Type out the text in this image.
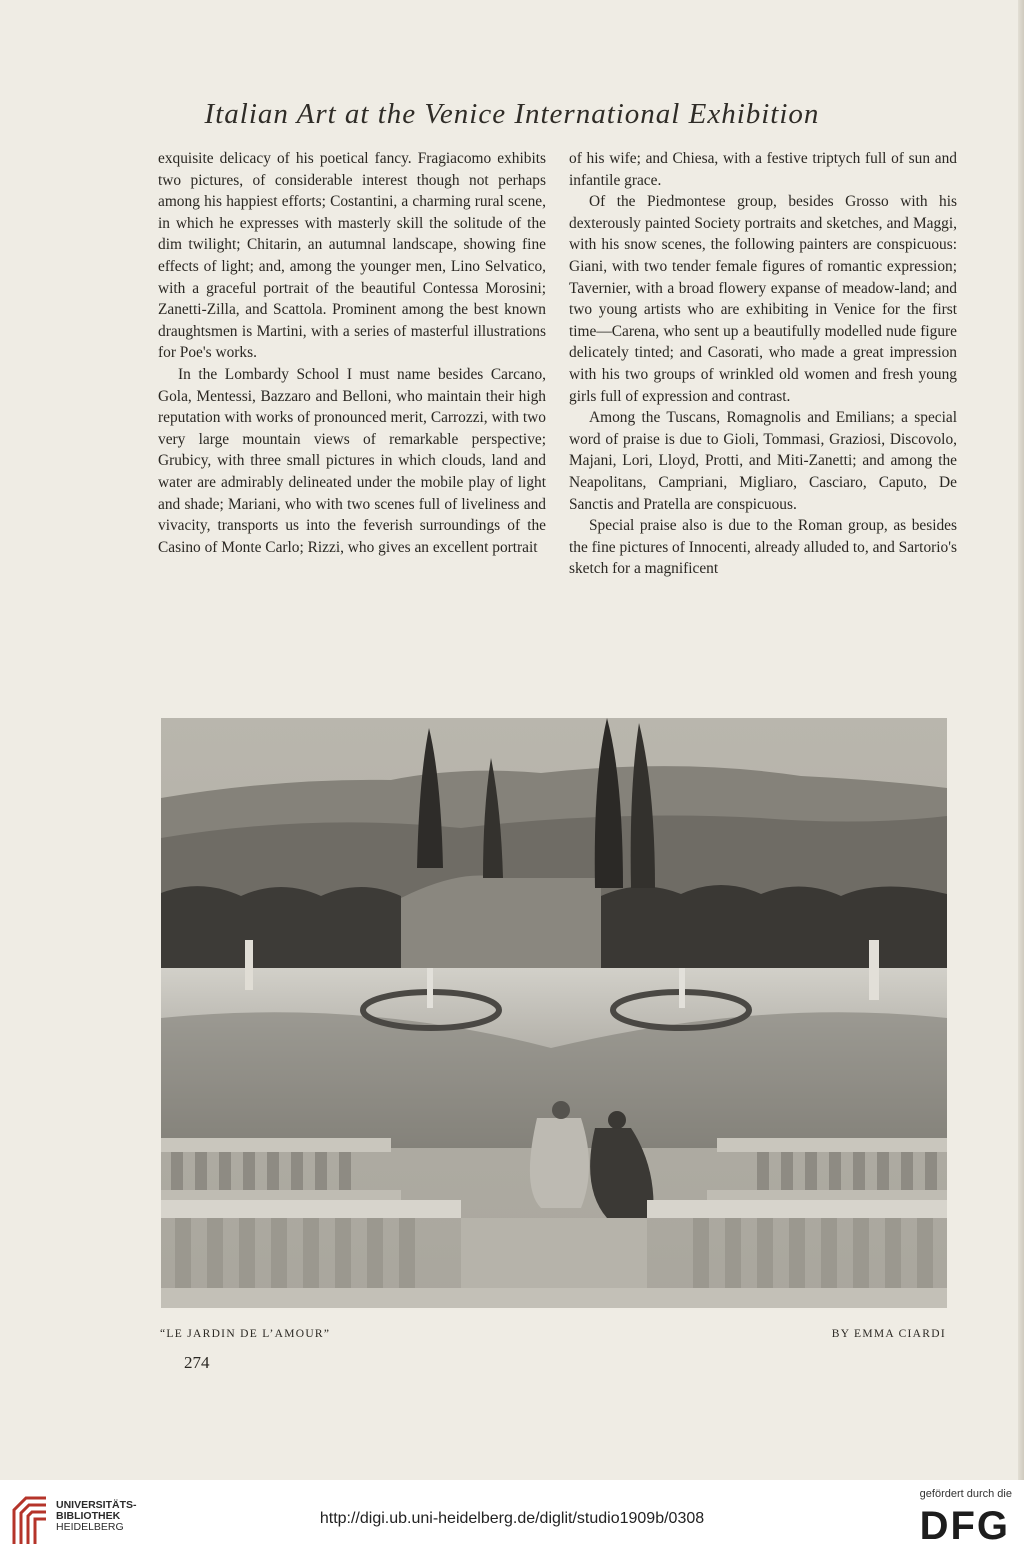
Italian Art at the Venice International Exhibition

exquisite delicacy of his poetical fancy. Fragiacomo exhibits two pictures, of considerable interest though not perhaps among his happiest efforts; Costantini, a charming rural scene, in which he expresses with masterly skill the solitude of the dim twilight; Chitarin, an autumnal landscape, showing fine effects of light; and, among the younger men, Lino Selvatico, with a graceful portrait of the beautiful Contessa Morosini; Zanetti-Zilla, and Scattola. Prominent among the best known draughtsmen is Martini, with a series of masterful illustrations for Poe's works.

In the Lombardy School I must name besides Carcano, Gola, Mentessi, Bazzaro and Belloni, who maintain their high reputation with works of pronounced merit, Carrozzi, with two very large mountain views of remarkable perspective; Grubicy, with three small pictures in which clouds, land and water are admirably delineated under the mobile play of light and shade; Mariani, who with two scenes full of liveliness and vivacity, transports us into the feverish surroundings of the Casino of Monte Carlo; Rizzi, who gives an excellent portrait

of his wife; and Chiesa, with a festive triptych full of sun and infantile grace.

Of the Piedmontese group, besides Grosso with his dexterously painted Society portraits and sketches, and Maggi, with his snow scenes, the following painters are conspicuous: Giani, with two tender female figures of romantic expression; Tavernier, with a broad flowery expanse of meadow-land; and two young artists who are exhibiting in Venice for the first time—Carena, who sent up a beautifully modelled nude figure delicately tinted; and Casorati, who made a great impression with his two groups of wrinkled old women and fresh young girls full of expression and contrast.

Among the Tuscans, Romagnolis and Emilians; a special word of praise is due to Gioli, Tommasi, Graziosi, Discovolo, Majani, Lori, Lloyd, Protti, and Miti-Zanetti; and among the Neapolitans, Campriani, Migliaro, Casciaro, Caputo, De Sanctis and Pratella are conspicuous.

Special praise also is due to the Roman group, as besides the fine pictures of Innocenti, already alluded to, and Sartorio's sketch for a magnificent

“LE JARDIN DE L’AMOUR”	BY EMMA CIARDI
274
UNIVERSITÄTS-
BIBLIOTHEK
HEIDELBERG	http://digi.ub.uni-heidelberg.de/diglit/studio1909b/0308
gefördert durch die
DFG
